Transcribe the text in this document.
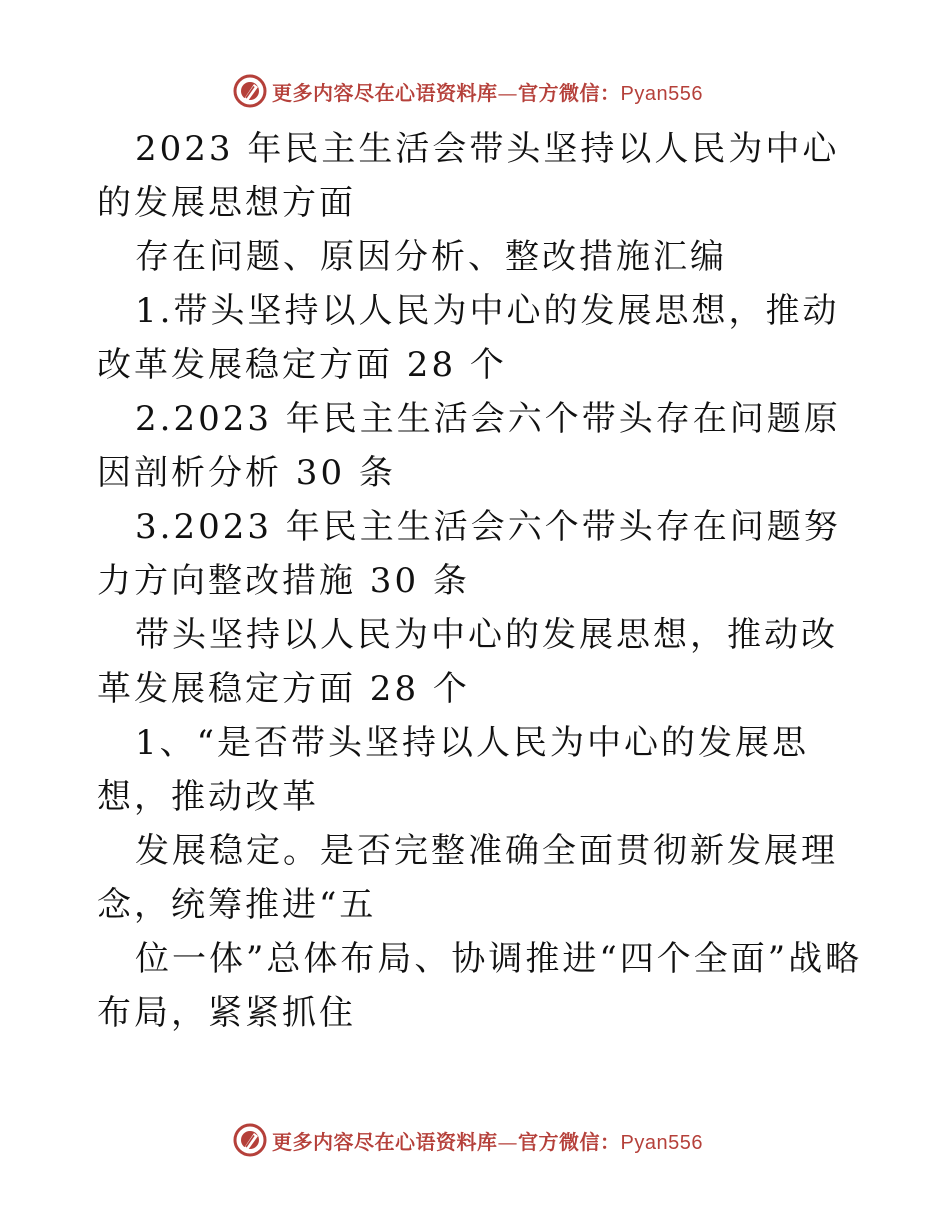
更多内容尽在心语资料库—官方微信：Pyan556

2023 年民主生活会带头坚持以人民为中心的发展思想方面

存在问题、原因分析、整改措施汇编

1.带头坚持以人民为中心的发展思想，推动改革发展稳定方面 28 个

2.2023 年民主生活会六个带头存在问题原因剖析分析 30 条

3.2023 年民主生活会六个带头存在问题努力方向整改措施 30 条

带头坚持以人民为中心的发展思想，推动改革发展稳定方面 28 个

1、“是否带头坚持以人民为中心的发展思想，推动改革

发展稳定。是否完整准确全面贯彻新发展理念，统筹推进“五

位一体”总体布局、协调推进“四个全面”战略布局，紧紧抓住

更多内容尽在心语资料库—官方微信：Pyan556
